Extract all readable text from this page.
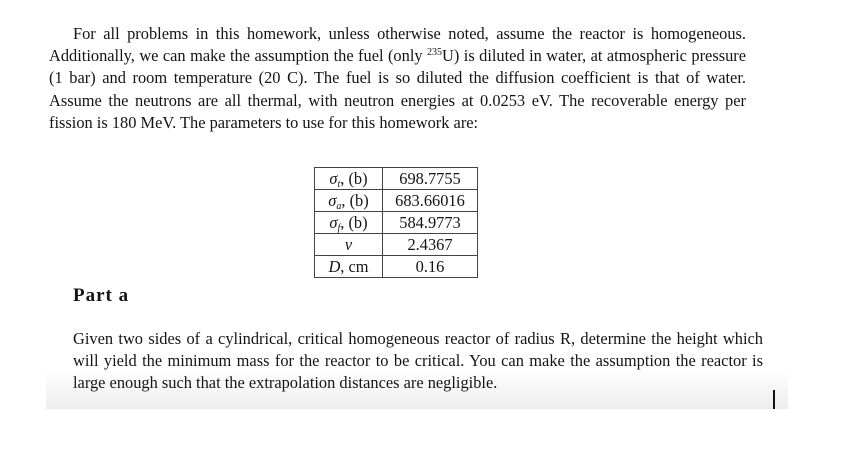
For all problems in this homework, unless otherwise noted, assume the reactor is homogeneous. Additionally, we can make the assumption the fuel (only $^{235}$U) is diluted in water, at atmospheric pressure (1 bar) and room temperature (20 C). The fuel is so diluted the diffusion coefficient is that of water. Assume the neutrons are all thermal, with neutron energies at 0.0253 eV. The recoverable energy per fission is 180 MeV. The parameters to use for this homework are:

$\sigma_t$, (b)	698.7755
$\sigma_a$, (b)	683.66016
$\sigma_f$, (b)	584.9773
ν	2.4367
D, cm	0.16
Part a

Given two sides of a cylindrical, critical homogeneous reactor of radius R, determine the height which will yield the minimum mass for the reactor to be critical. You can make the assumption the reactor is large enough such that the extrapolation distances are negligible.
